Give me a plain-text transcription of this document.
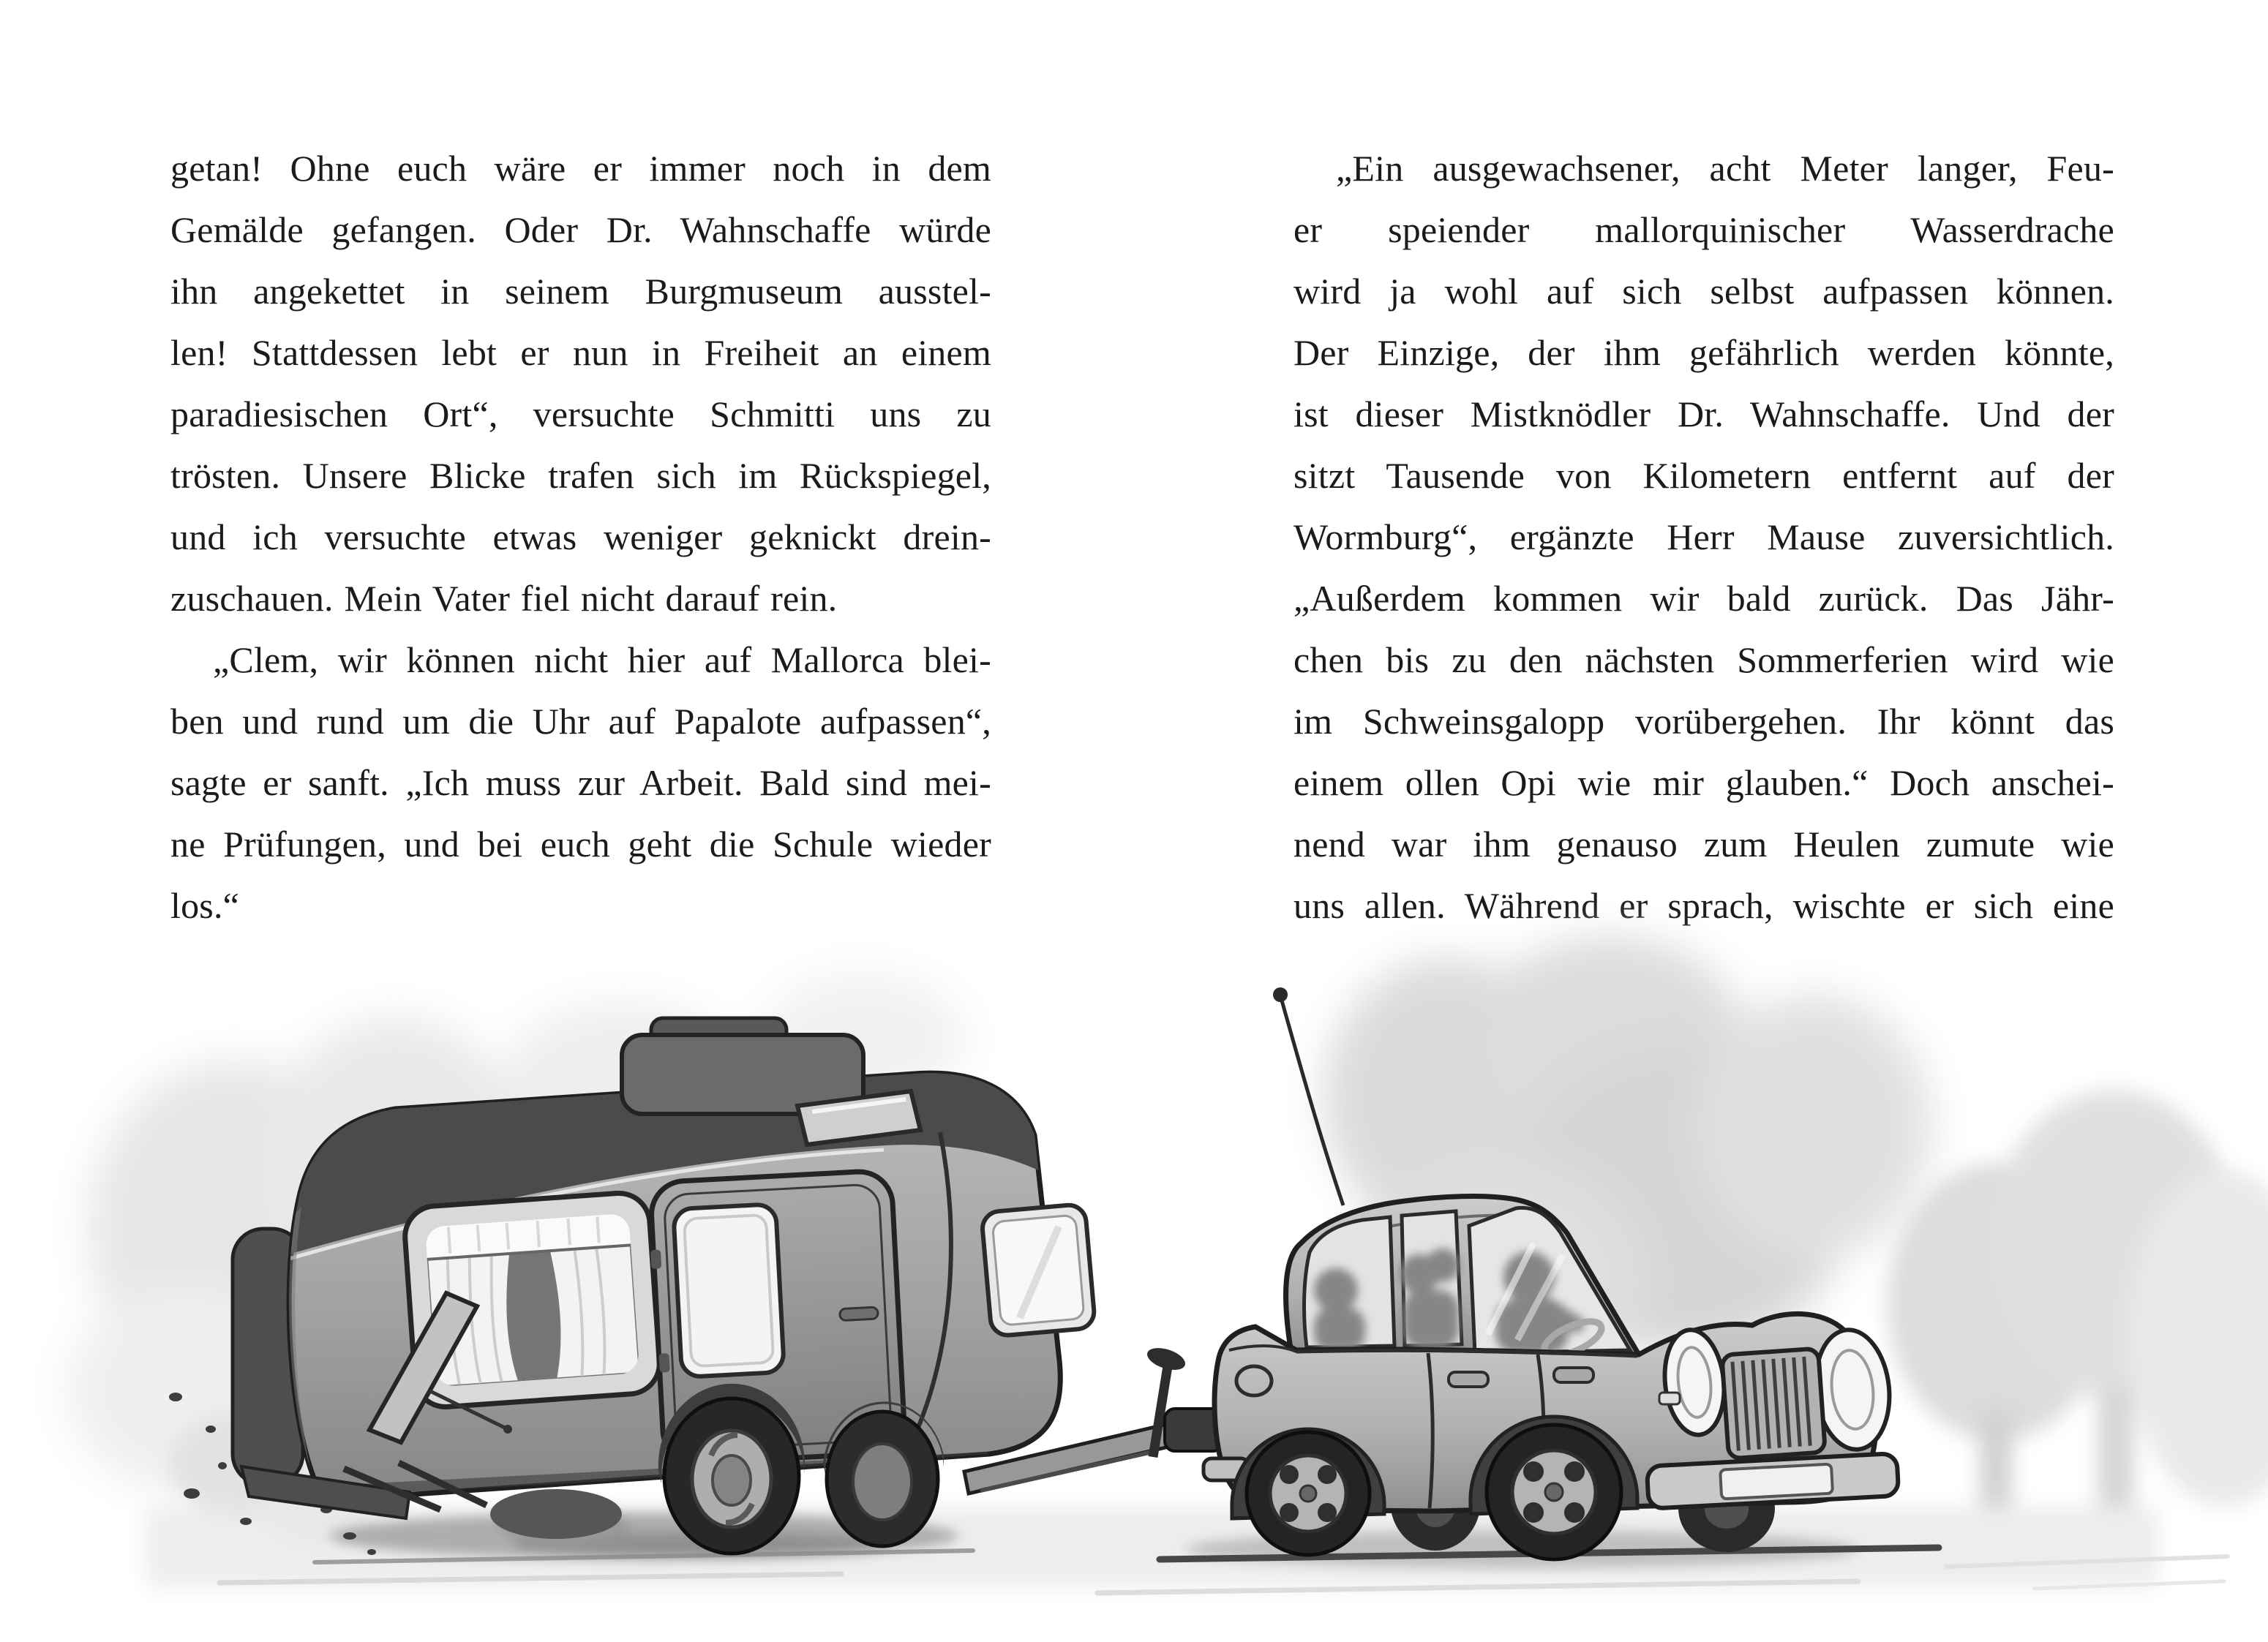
getan! Ohne euch wäre er immer noch in dem
Gemälde gefangen. Oder Dr. Wahnschaffe würde
ihn angekettet in seinem Burgmuseum ausstel-
len! Stattdessen lebt er nun in Freiheit an einem
paradiesischen Ort“, versuchte Schmitti uns zu
trösten. Unsere Blicke trafen sich im Rückspiegel,
und ich versuchte etwas weniger geknickt drein-
zuschauen. Mein Vater fiel nicht darauf rein.
„Clem, wir können nicht hier auf Mallorca blei-
ben und rund um die Uhr auf Papalote aufpassen“,
sagte er sanft. „Ich muss zur Arbeit. Bald sind mei-
ne Prüfungen, und bei euch geht die Schule wieder
los.“
„Ein ausgewachsener, acht Meter langer, Feu-
er speiender mallorquinischer Wasserdrache
wird ja wohl auf sich selbst aufpassen können.
Der Einzige, der ihm gefährlich werden könnte,
ist dieser Mistknödler Dr. Wahnschaffe. Und der
sitzt Tausende von Kilometern entfernt auf der
Wormburg“, ergänzte Herr Mause zuversichtlich.
„Außerdem kommen wir bald zurück. Das Jähr-
chen bis zu den nächsten Sommerferien wird wie
im Schweinsgalopp vorübergehen. Ihr könnt das
einem ollen Opi wie mir glauben.“ Doch anschei-
nend war ihm genauso zum Heulen zumute wie
uns allen. Während er sprach, wischte er sich eine
